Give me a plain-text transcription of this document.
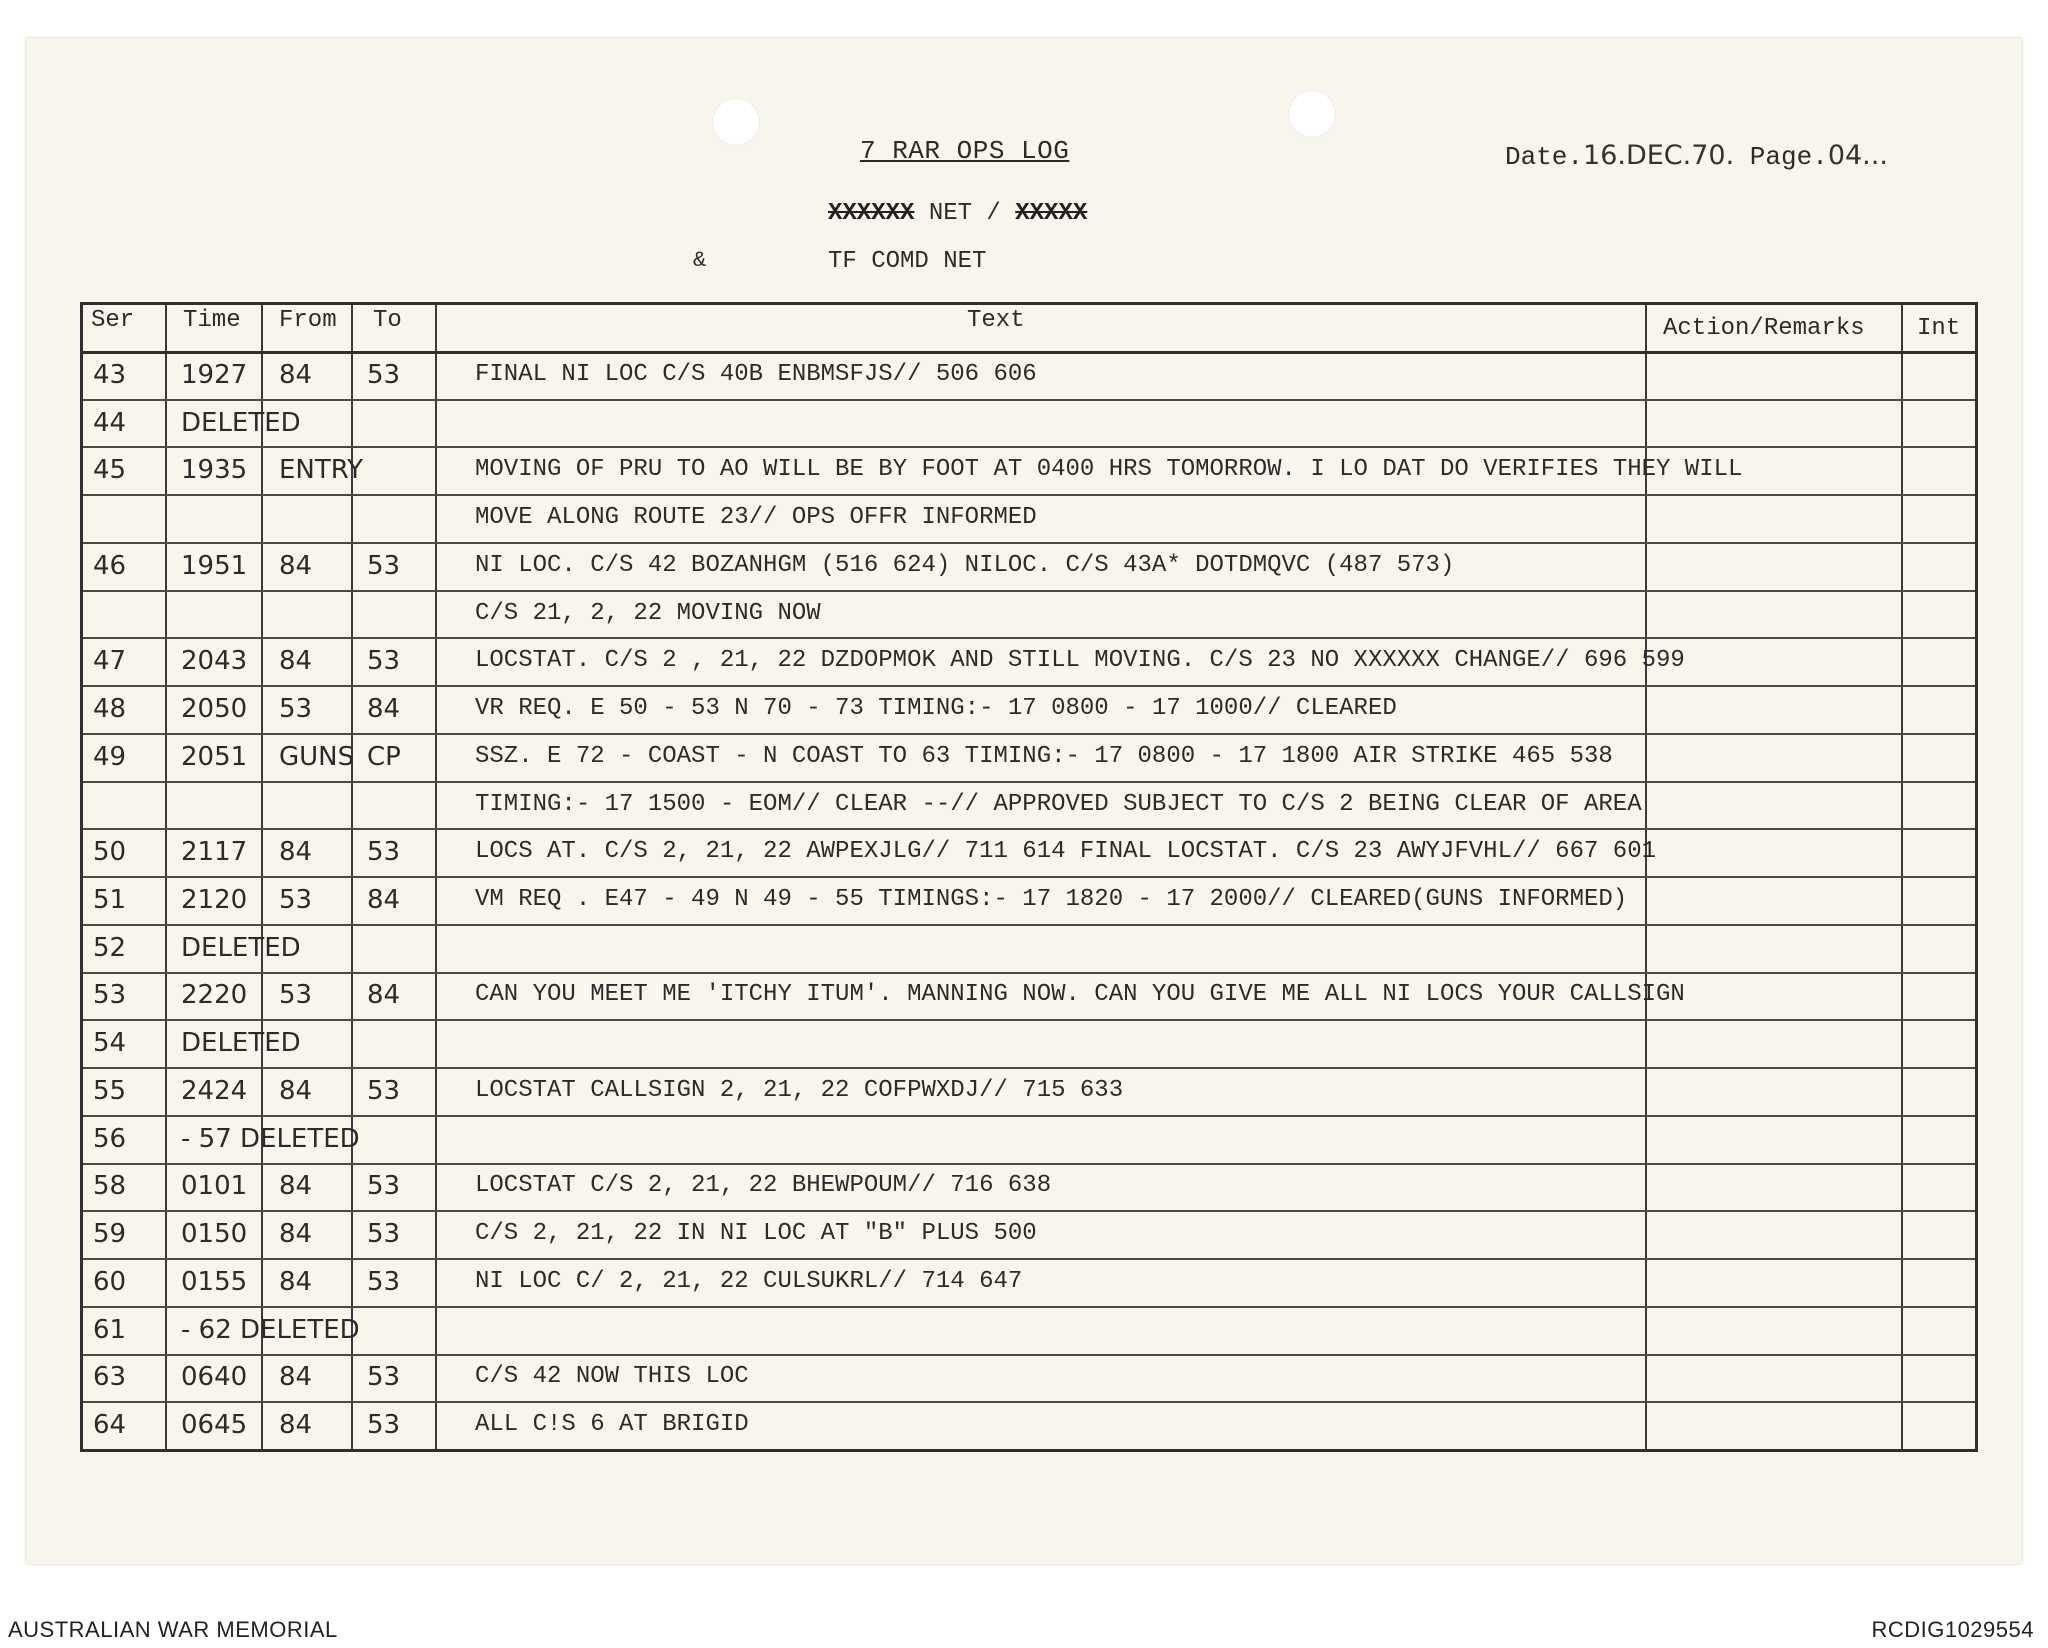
7 RAR OPS LOG	Date.16.DEC.70. Page.04...
XXXXXX NET / XXXXX
&	TF COMD NET
Ser Time From To	Text	Action/Remarks Int
43 1927 84 53	FINAL NI LOC C/S 40B ENBMSFJS// 506 606
44 DELETED
45 1935 ENTRY	MOVING OF PRU TO AO WILL BE BY FOOT AT 0400 HRS TOMORROW. I LO DAT DO VERIFIES THEY WILL
MOVE ALONG ROUTE 23// OPS OFFR INFORMED
46 1951 84 53	NI LOC. C/S 42 BOZANHGM (516 624) NILOC. C/S 43A* DOTDMQVC (487 573)
C/S 21, 2, 22 MOVING NOW
47 2043 84 53	LOCSTAT. C/S 2 , 21, 22 DZDOPMOK AND STILL MOVING. C/S 23 NO XXXXXX CHANGE// 696 599
48 2050 53 84	VR REQ. E 50 - 53 N 70 - 73 TIMING:- 17 0800 - 17 1000// CLEARED
49 2051 GUNS CP	SSZ. E 72 - COAST - N COAST TO 63 TIMING:- 17 0800 - 17 1800 AIR STRIKE 465 538
TIMING:- 17 1500 - EOM// CLEAR --// APPROVED SUBJECT TO C/S 2 BEING CLEAR OF AREA
50 2117 84 53	LOCS AT. C/S 2, 21, 22 AWPEXJLG// 711 614 FINAL LOCSTAT. C/S 23 AWYJFVHL// 667 601
51 2120 53 84	VM REQ . E47 - 49 N 49 - 55 TIMINGS:- 17 1820 - 17 2000// CLEARED(GUNS INFORMED)
52 DELETED
53 2220 53 84	CAN YOU MEET ME 'ITCHY ITUM'. MANNING NOW. CAN YOU GIVE ME ALL NI LOCS YOUR CALLSIGN
54 DELETED
55 2424 84 53	LOCSTAT CALLSIGN 2, 21, 22 COFPWXDJ// 715 633
56 - 57 DELETED
58 0101 84 53	LOCSTAT C/S 2, 21, 22 BHEWPOUM// 716 638
59 0150 84 53	C/S 2, 21, 22 IN NI LOC AT "B" PLUS 500
60 0155 84 53	NI LOC C/ 2, 21, 22 CULSUKRL// 714 647
61 - 62 DELETED
63 0640 84 53	C/S 42 NOW THIS LOC
64 0645 84 53	ALL C!S 6 AT BRIGID
AUSTRALIAN WAR MEMORIAL	RCDIG1029554
